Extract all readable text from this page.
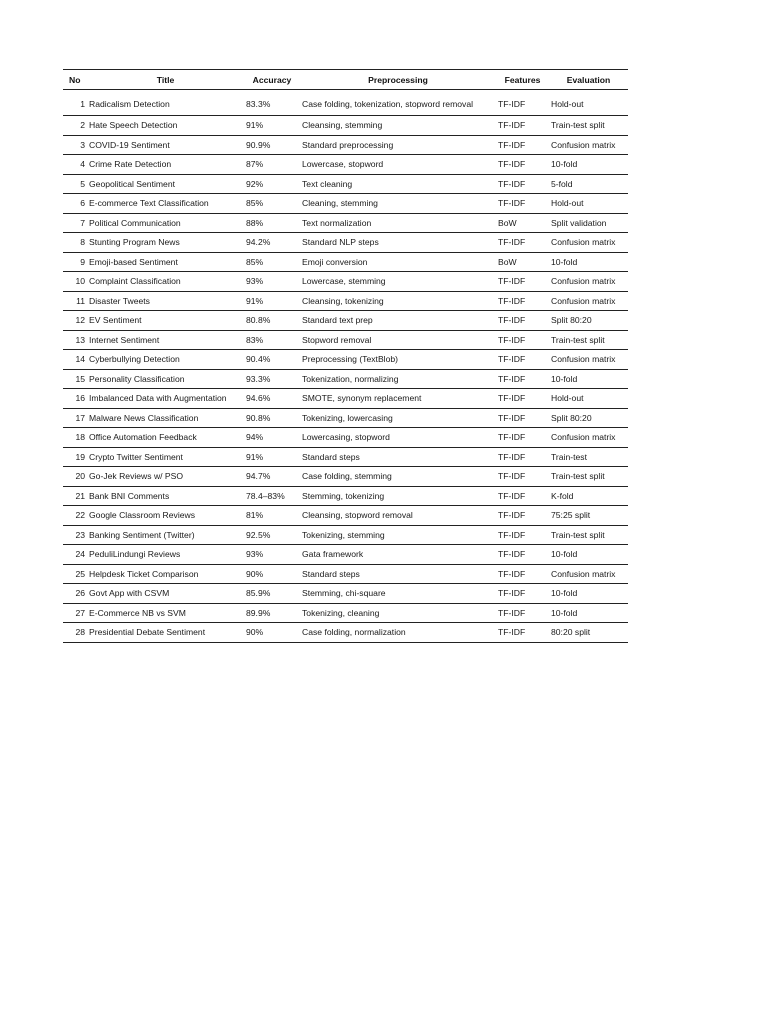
No	Title	Accuracy	Preprocessing	Features	Evaluation
1	Radicalism Detection	83.3%	Case folding, tokenization, stopword removal	TF-IDF	Hold-out
2	Hate Speech Detection	91%	Cleansing, stemming	TF-IDF	Train-test split
3	COVID-19 Sentiment	90.9%	Standard preprocessing	TF-IDF	Confusion matrix
4	Crime Rate Detection	87%	Lowercase, stopword	TF-IDF	10-fold
5	Geopolitical Sentiment	92%	Text cleaning	TF-IDF	5-fold
6	E-commerce Text Classification	85%	Cleaning, stemming	TF-IDF	Hold-out
7	Political Communication	88%	Text normalization	BoW	Split validation
8	Stunting Program News	94.2%	Standard NLP steps	TF-IDF	Confusion matrix
9	Emoji-based Sentiment	85%	Emoji conversion	BoW	10-fold
10	Complaint Classification	93%	Lowercase, stemming	TF-IDF	Confusion matrix
11	Disaster Tweets	91%	Cleansing, tokenizing	TF-IDF	Confusion matrix
12	EV Sentiment	80.8%	Standard text prep	TF-IDF	Split 80:20
13	Internet Sentiment	83%	Stopword removal	TF-IDF	Train-test split
14	Cyberbullying Detection	90.4%	Preprocessing (TextBlob)	TF-IDF	Confusion matrix
15	Personality Classification	93.3%	Tokenization, normalizing	TF-IDF	10-fold
16	Imbalanced Data with Augmentation	94.6%	SMOTE, synonym replacement	TF-IDF	Hold-out
17	Malware News Classification	90.8%	Tokenizing, lowercasing	TF-IDF	Split 80:20
18	Office Automation Feedback	94%	Lowercasing, stopword	TF-IDF	Confusion matrix
19	Crypto Twitter Sentiment	91%	Standard steps	TF-IDF	Train-test
20	Go-Jek Reviews w/ PSO	94.7%	Case folding, stemming	TF-IDF	Train-test split
21	Bank BNI Comments	78.4–83%	Stemming, tokenizing	TF-IDF	K-fold
22	Google Classroom Reviews	81%	Cleansing, stopword removal	TF-IDF	75:25 split
23	Banking Sentiment (Twitter)	92.5%	Tokenizing, stemming	TF-IDF	Train-test split
24	PeduliLindungi Reviews	93%	Gata framework	TF-IDF	10-fold
25	Helpdesk Ticket Comparison	90%	Standard steps	TF-IDF	Confusion matrix
26	Govt App with CSVM	85.9%	Stemming, chi-square	TF-IDF	10-fold
27	E-Commerce NB vs SVM	89.9%	Tokenizing, cleaning	TF-IDF	10-fold
28	Presidential Debate Sentiment	90%	Case folding, normalization	TF-IDF	80:20 split
